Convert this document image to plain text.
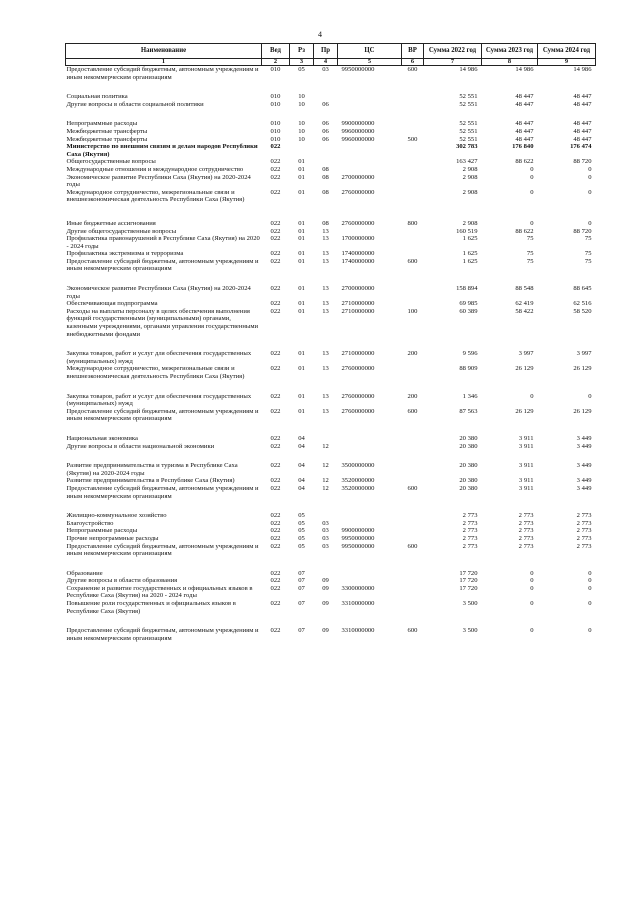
4
Наименование	Вед	Рз	Пр	ЦС	ВР	Сумма 2022 год	Сумма 2023 год	Сумма 2024 год
1	2	3	4	5	6	7	8	9
Предоставление субсидий бюджетным, автономным учреждениям и иным некоммерческим организациям	010	05	03	9950000000	600	14 986	14 986	14 986
Социальная политика	010	10				52 551	48 447	48 447
Другие вопросы в области социальной политики	010	10	06			52 551	48 447	48 447
Непрограммные расходы	010	10	06	9900000000		52 551	48 447	48 447
Межбюджетные трансферты	010	10	06	9960000000		52 551	48 447	48 447
Межбюджетные трансферты	010	10	06	9960000000	500	52 551	48 447	48 447
Министерство по внешним связям и делам народов Республики Саха (Якутия)	022					302 783	176 840	176 474
Общегосударственные вопросы	022	01				163 427	88 622	88 720
Международные отношения и международное сотрудничество	022	01	08			2 908	0	0
Экономическое развитие Республики Саха (Якутия) на 2020-2024 годы	022	01	08	2700000000		2 908	0	0
Международное сотрудничество, межрегиональные связи и внешнеэкономическая деятельность Республики Саха (Якутия)	022	01	08	2760000000		2 908	0	0
Иные бюджетные ассигнования	022	01	08	2760000000	800	2 908	0	0
Другие общегосударственные вопросы	022	01	13			160 519	88 622	88 720
Профилактика правонарушений в Республике Саха (Якутия) на 2020 - 2024 годы	022	01	13	1700000000		1 625	75	75
Профилактика экстремизма и терроризма	022	01	13	1740000000		1 625	75	75
Предоставление субсидий бюджетным, автономным учреждениям и иным некоммерческим организациям	022	01	13	1740000000	600	1 625	75	75
Экономическое развитие Республики Саха (Якутия) на 2020-2024 годы	022	01	13	2700000000		158 894	88 548	88 645
Обеспечивающая подпрограмма	022	01	13	2710000000		69 985	62 419	62 516
Расходы на выплаты персоналу в целях обеспечения выполнения функций государственными (муниципальными) органами, казенными учреждениями, органами управления государственными внебюджетными фондами	022	01	13	2710000000	100	60 389	58 422	58 520
Закупка товаров, работ и услуг для обеспечения государственных (муниципальных) нужд	022	01	13	2710000000	200	9 596	3 997	3 997
Международное сотрудничество, межрегиональные связи и внешнеэкономическая деятельность Республики Саха (Якутия)	022	01	13	2760000000		88 909	26 129	26 129
Закупка товаров, работ и услуг для обеспечения государственных (муниципальных) нужд	022	01	13	2760000000	200	1 346	0	0
Предоставление субсидий бюджетным, автономным учреждениям и иным некоммерческим организациям	022	01	13	2760000000	600	87 563	26 129	26 129
Национальная экономика	022	04				20 380	3 911	3 449
Другие вопросы в области национальной экономики	022	04	12			20 380	3 911	3 449
Развитие предпринимательства и туризма в Республике Саха (Якутия) на 2020-2024 годы	022	04	12	3500000000		20 380	3 911	3 449
Развитие предпринимательства в Республике Саха (Якутия)	022	04	12	3520000000		20 380	3 911	3 449
Предоставление субсидий бюджетным, автономным учреждениям и иным некоммерческим организациям	022	04	12	3520000000	600	20 380	3 911	3 449
Жилищно-коммунальное хозяйство	022	05				2 773	2 773	2 773
Благоустройство	022	05	03			2 773	2 773	2 773
Непрограммные расходы	022	05	03	9900000000		2 773	2 773	2 773
Прочие непрограммные расходы	022	05	03	9950000000		2 773	2 773	2 773
Предоставление субсидий бюджетным, автономным учреждениям и иным некоммерческим организациям	022	05	03	9950000000	600	2 773	2 773	2 773
Образование	022	07				17 720	0	0
Другие вопросы в области образования	022	07	09			17 720	0	0
Сохранение и развитие государственных и официальных языков в Республике Саха (Якутия) на 2020 - 2024 годы	022	07	09	3300000000		17 720	0	0
Повышение роли государственных и официальных языков в Республике Саха (Якутия)	022	07	09	3310000000		3 500	0	0
Предоставление субсидий бюджетным, автономным учреждениям и иным некоммерческим организациям	022	07	09	3310000000	600	3 500	0	0
